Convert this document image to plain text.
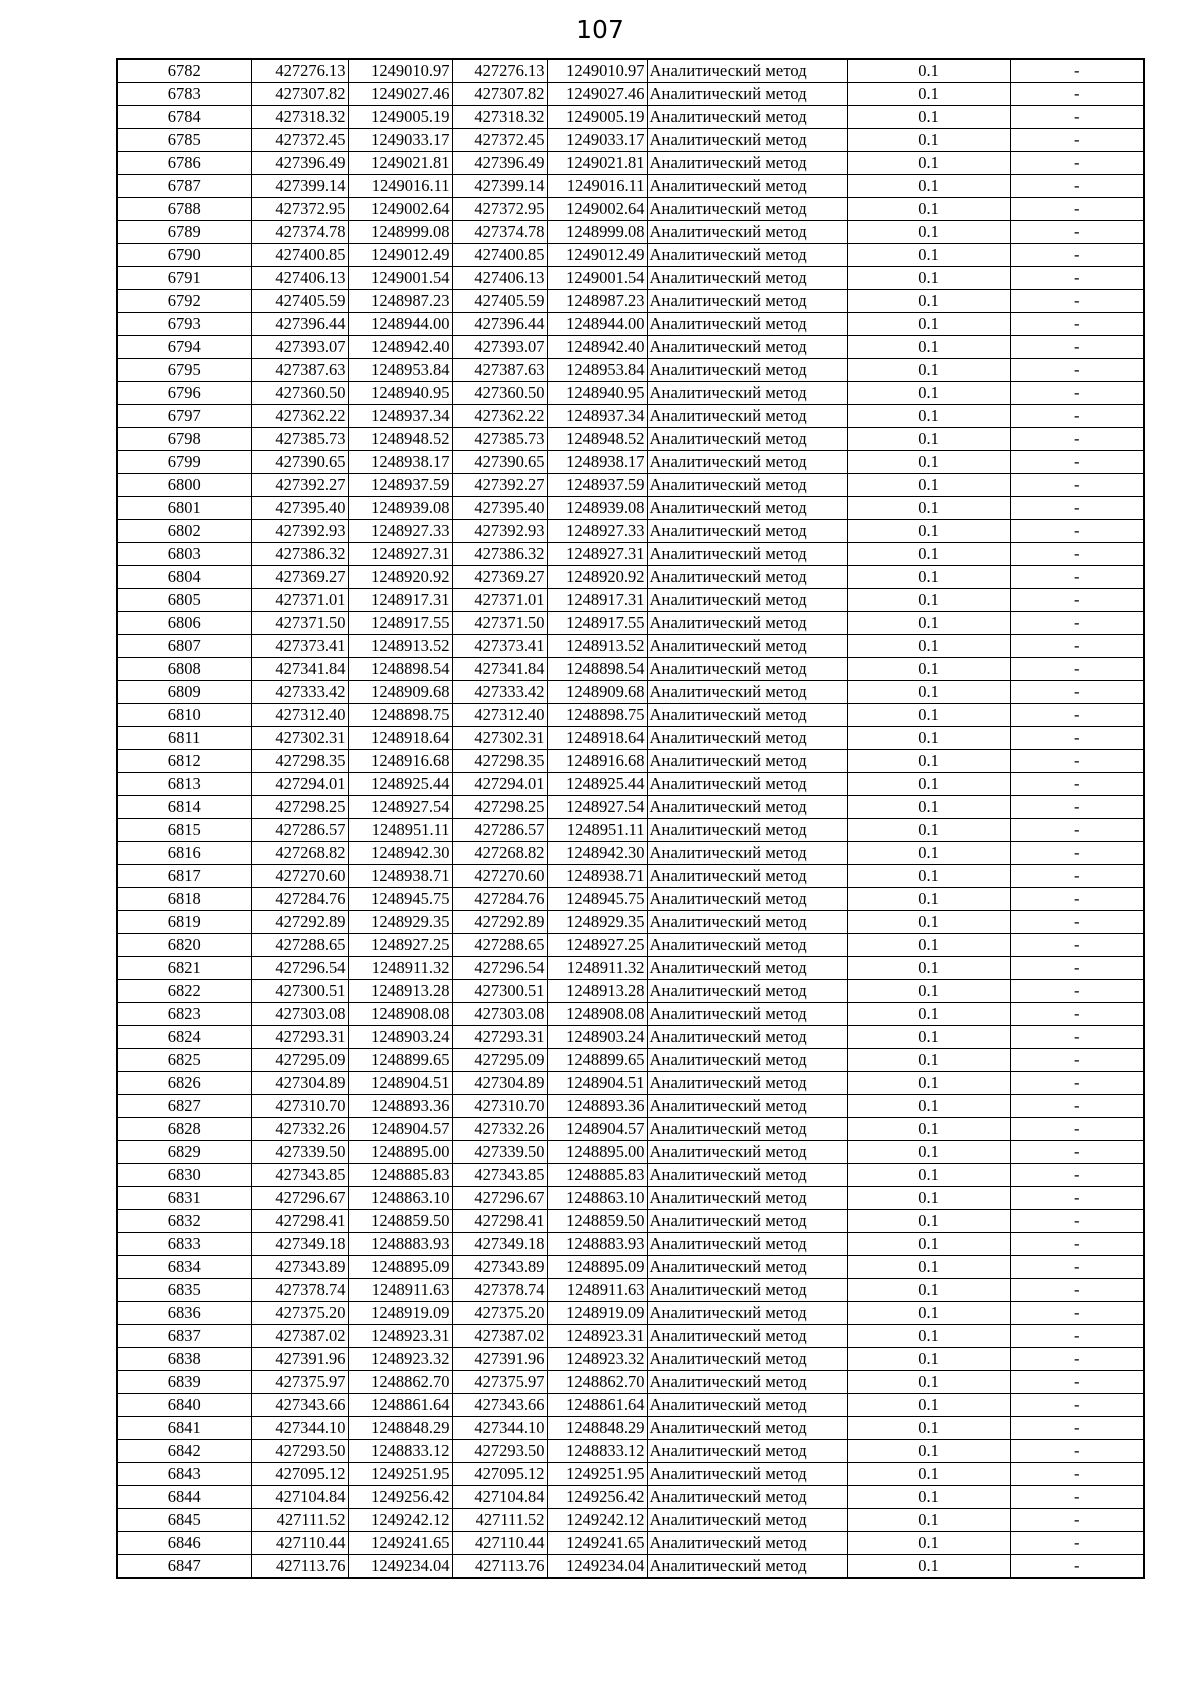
107
6782	427276.13	1249010.97	427276.13	1249010.97	Аналитический метод	0.1	-
6783	427307.82	1249027.46	427307.82	1249027.46	Аналитический метод	0.1	-
6784	427318.32	1249005.19	427318.32	1249005.19	Аналитический метод	0.1	-
6785	427372.45	1249033.17	427372.45	1249033.17	Аналитический метод	0.1	-
6786	427396.49	1249021.81	427396.49	1249021.81	Аналитический метод	0.1	-
6787	427399.14	1249016.11	427399.14	1249016.11	Аналитический метод	0.1	-
6788	427372.95	1249002.64	427372.95	1249002.64	Аналитический метод	0.1	-
6789	427374.78	1248999.08	427374.78	1248999.08	Аналитический метод	0.1	-
6790	427400.85	1249012.49	427400.85	1249012.49	Аналитический метод	0.1	-
6791	427406.13	1249001.54	427406.13	1249001.54	Аналитический метод	0.1	-
6792	427405.59	1248987.23	427405.59	1248987.23	Аналитический метод	0.1	-
6793	427396.44	1248944.00	427396.44	1248944.00	Аналитический метод	0.1	-
6794	427393.07	1248942.40	427393.07	1248942.40	Аналитический метод	0.1	-
6795	427387.63	1248953.84	427387.63	1248953.84	Аналитический метод	0.1	-
6796	427360.50	1248940.95	427360.50	1248940.95	Аналитический метод	0.1	-
6797	427362.22	1248937.34	427362.22	1248937.34	Аналитический метод	0.1	-
6798	427385.73	1248948.52	427385.73	1248948.52	Аналитический метод	0.1	-
6799	427390.65	1248938.17	427390.65	1248938.17	Аналитический метод	0.1	-
6800	427392.27	1248937.59	427392.27	1248937.59	Аналитический метод	0.1	-
6801	427395.40	1248939.08	427395.40	1248939.08	Аналитический метод	0.1	-
6802	427392.93	1248927.33	427392.93	1248927.33	Аналитический метод	0.1	-
6803	427386.32	1248927.31	427386.32	1248927.31	Аналитический метод	0.1	-
6804	427369.27	1248920.92	427369.27	1248920.92	Аналитический метод	0.1	-
6805	427371.01	1248917.31	427371.01	1248917.31	Аналитический метод	0.1	-
6806	427371.50	1248917.55	427371.50	1248917.55	Аналитический метод	0.1	-
6807	427373.41	1248913.52	427373.41	1248913.52	Аналитический метод	0.1	-
6808	427341.84	1248898.54	427341.84	1248898.54	Аналитический метод	0.1	-
6809	427333.42	1248909.68	427333.42	1248909.68	Аналитический метод	0.1	-
6810	427312.40	1248898.75	427312.40	1248898.75	Аналитический метод	0.1	-
6811	427302.31	1248918.64	427302.31	1248918.64	Аналитический метод	0.1	-
6812	427298.35	1248916.68	427298.35	1248916.68	Аналитический метод	0.1	-
6813	427294.01	1248925.44	427294.01	1248925.44	Аналитический метод	0.1	-
6814	427298.25	1248927.54	427298.25	1248927.54	Аналитический метод	0.1	-
6815	427286.57	1248951.11	427286.57	1248951.11	Аналитический метод	0.1	-
6816	427268.82	1248942.30	427268.82	1248942.30	Аналитический метод	0.1	-
6817	427270.60	1248938.71	427270.60	1248938.71	Аналитический метод	0.1	-
6818	427284.76	1248945.75	427284.76	1248945.75	Аналитический метод	0.1	-
6819	427292.89	1248929.35	427292.89	1248929.35	Аналитический метод	0.1	-
6820	427288.65	1248927.25	427288.65	1248927.25	Аналитический метод	0.1	-
6821	427296.54	1248911.32	427296.54	1248911.32	Аналитический метод	0.1	-
6822	427300.51	1248913.28	427300.51	1248913.28	Аналитический метод	0.1	-
6823	427303.08	1248908.08	427303.08	1248908.08	Аналитический метод	0.1	-
6824	427293.31	1248903.24	427293.31	1248903.24	Аналитический метод	0.1	-
6825	427295.09	1248899.65	427295.09	1248899.65	Аналитический метод	0.1	-
6826	427304.89	1248904.51	427304.89	1248904.51	Аналитический метод	0.1	-
6827	427310.70	1248893.36	427310.70	1248893.36	Аналитический метод	0.1	-
6828	427332.26	1248904.57	427332.26	1248904.57	Аналитический метод	0.1	-
6829	427339.50	1248895.00	427339.50	1248895.00	Аналитический метод	0.1	-
6830	427343.85	1248885.83	427343.85	1248885.83	Аналитический метод	0.1	-
6831	427296.67	1248863.10	427296.67	1248863.10	Аналитический метод	0.1	-
6832	427298.41	1248859.50	427298.41	1248859.50	Аналитический метод	0.1	-
6833	427349.18	1248883.93	427349.18	1248883.93	Аналитический метод	0.1	-
6834	427343.89	1248895.09	427343.89	1248895.09	Аналитический метод	0.1	-
6835	427378.74	1248911.63	427378.74	1248911.63	Аналитический метод	0.1	-
6836	427375.20	1248919.09	427375.20	1248919.09	Аналитический метод	0.1	-
6837	427387.02	1248923.31	427387.02	1248923.31	Аналитический метод	0.1	-
6838	427391.96	1248923.32	427391.96	1248923.32	Аналитический метод	0.1	-
6839	427375.97	1248862.70	427375.97	1248862.70	Аналитический метод	0.1	-
6840	427343.66	1248861.64	427343.66	1248861.64	Аналитический метод	0.1	-
6841	427344.10	1248848.29	427344.10	1248848.29	Аналитический метод	0.1	-
6842	427293.50	1248833.12	427293.50	1248833.12	Аналитический метод	0.1	-
6843	427095.12	1249251.95	427095.12	1249251.95	Аналитический метод	0.1	-
6844	427104.84	1249256.42	427104.84	1249256.42	Аналитический метод	0.1	-
6845	427111.52	1249242.12	427111.52	1249242.12	Аналитический метод	0.1	-
6846	427110.44	1249241.65	427110.44	1249241.65	Аналитический метод	0.1	-
6847	427113.76	1249234.04	427113.76	1249234.04	Аналитический метод	0.1	-
